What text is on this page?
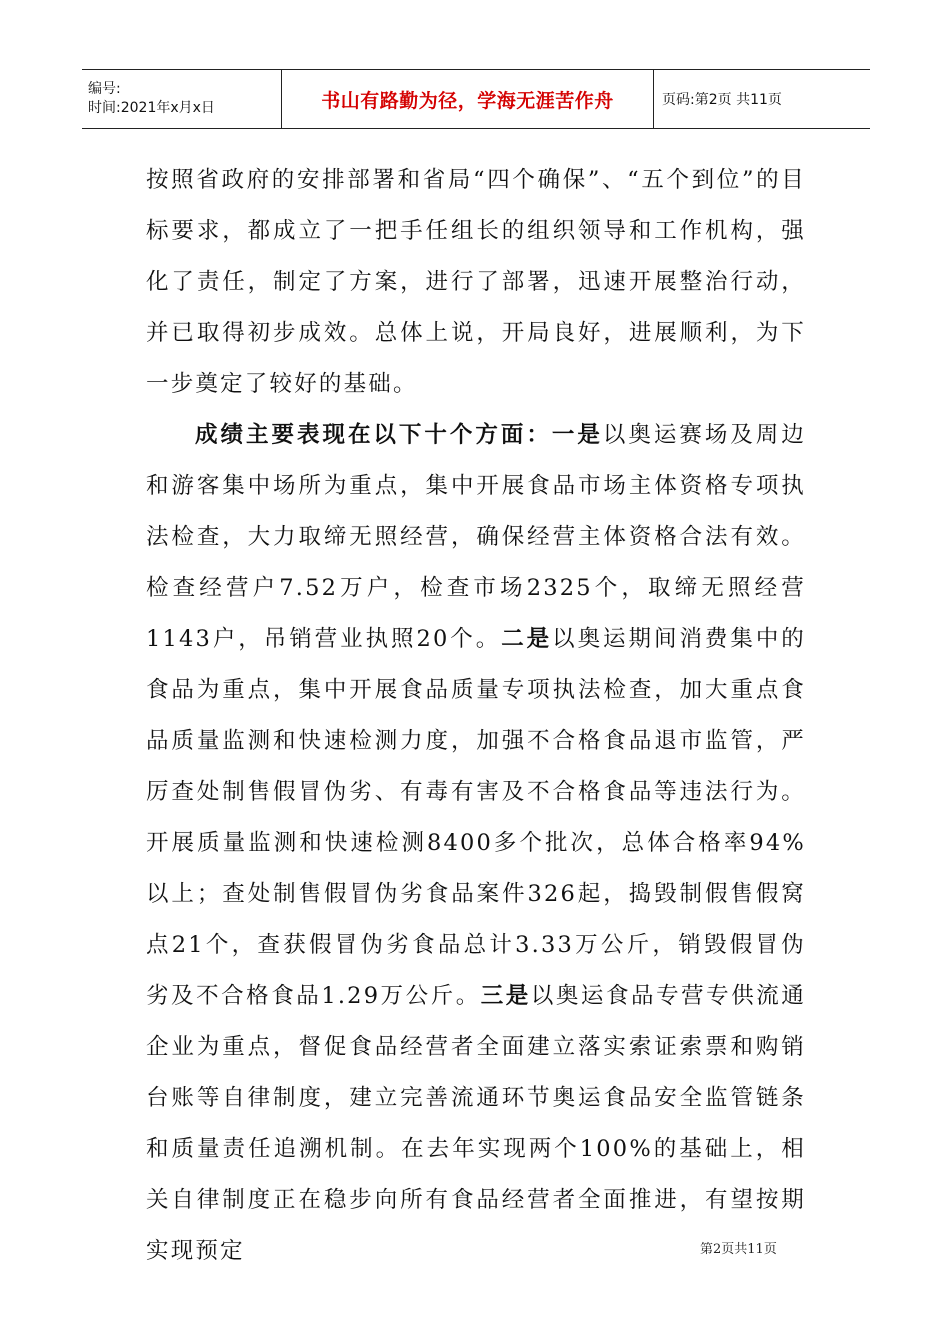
编号:
时间:2021年x月x日	书山有路勤为径，学海无涯苦作舟	页码:第2页 共11页

按照省政府的安排部署和省局“四个确保”、“五个到位”的目标要求，都成立了一把手任组长的组织领导和工作机构，强化了责任，制定了方案，进行了部署，迅速开展整治行动，并已取得初步成效。总体上说，开局良好，进展顺利，为下一步奠定了较好的基础。

成绩主要表现在以下十个方面：一是以奥运赛场及周边和游客集中场所为重点，集中开展食品市场主体资格专项执法检查，大力取缔无照经营，确保经营主体资格合法有效。检查经营户7.52万户，检查市场2325个，取缔无照经营1143户，吊销营业执照20个。二是以奥运期间消费集中的食品为重点，集中开展食品质量专项执法检查，加大重点食品质量监测和快速检测力度，加强不合格食品退市监管，严厉查处制售假冒伪劣、有毒有害及不合格食品等违法行为。开展质量监测和快速检测8400多个批次，总体合格率94%以上；查处制售假冒伪劣食品案件326起，捣毁制假售假窝点21个，查获假冒伪劣食品总计3.33万公斤，销毁假冒伪劣及不合格食品1.29万公斤。三是以奥运食品专营专供流通企业为重点，督促食品经营者全面建立落实索证索票和购销台账等自律制度，建立完善流通环节奥运食品安全监管链条和质量责任追溯机制。在去年实现两个100%的基础上，相关自律制度正在稳步向所有食品经营者全面推进，有望按期实现预定	第2页共11页
